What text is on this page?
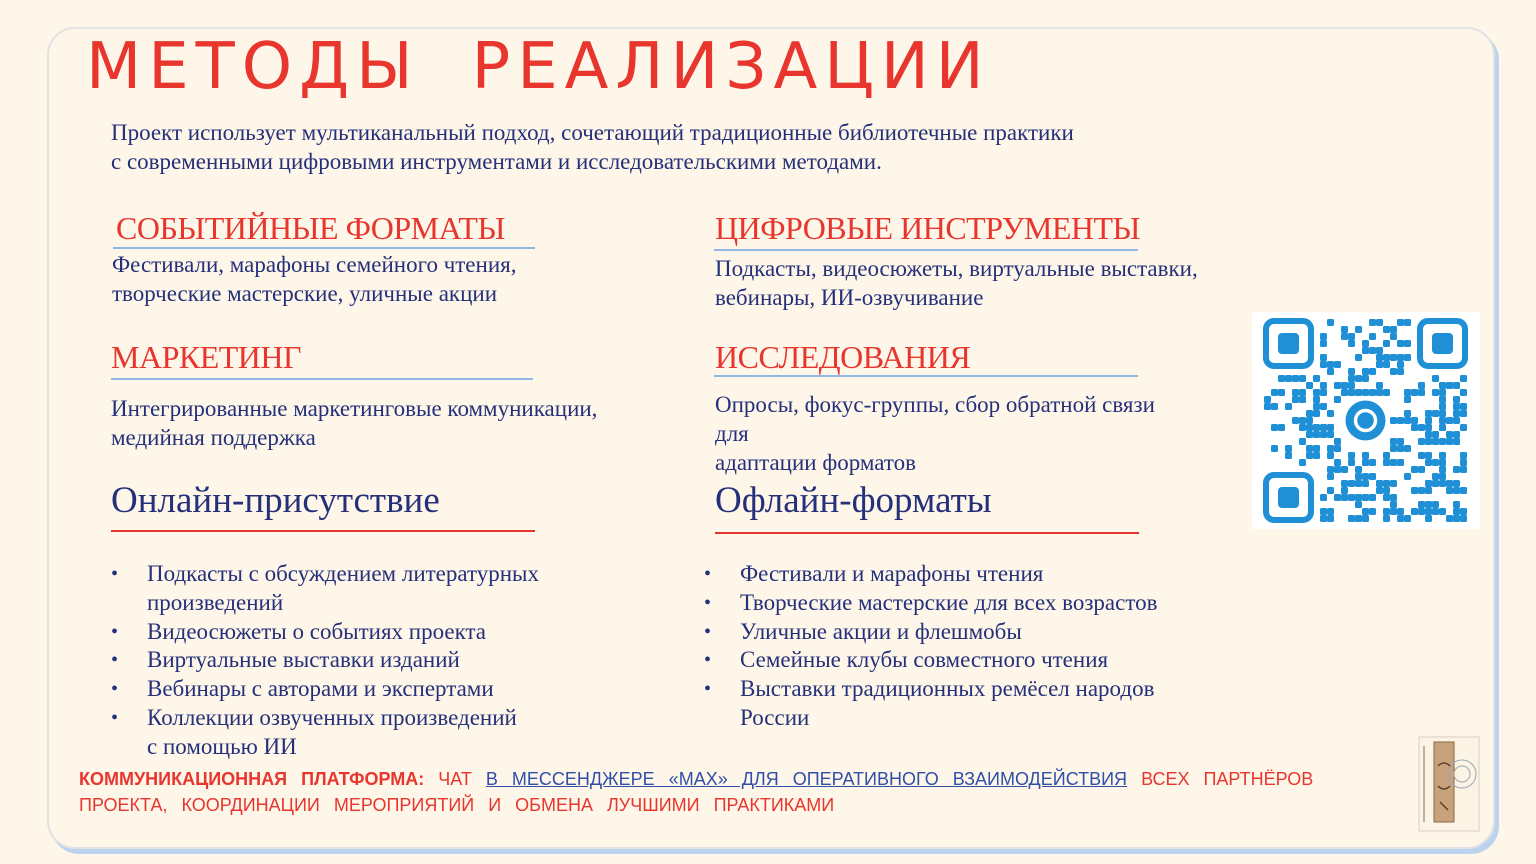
МЕТОДЫ РЕАЛИЗАЦИИ
Проект использует мультиканальный подход, сочетающий традиционные библиотечные практики
с современными цифровыми инструментами и исследовательскими методами.
СОБЫТИЙНЫЕ ФОРМАТЫ
Фестивали, марафоны семейного чтения,
творческие мастерские, уличные акции
ЦИФРОВЫЕ ИНСТРУМЕНТЫ
Подкасты, видеосюжеты, виртуальные выставки,
вебинары, ИИ-озвучивание
МАРКЕТИНГ
Интегрированные маркетинговые коммуникации,
медийная поддержка
ИССЛЕДОВАНИЯ
Опросы, фокус-группы, сбор обратной связи
для
адаптации форматов
Онлайн-присутствие
• Подкасты с обсуждением литературных
произведений
• Видеосюжеты о событиях проекта
• Виртуальные выставки изданий
• Вебинары с авторами и экспертами
• Коллекции озвученных произведений
с помощью ИИ
Офлайн-форматы
• Фестивали и марафоны чтения
• Творческие мастерские для всех возрастов
• Уличные акции и флешмобы
• Семейные клубы совместного чтения
• Выставки традиционных ремёсел народов
России
КОММУНИКАЦИОННАЯ ПЛАТФОРМА: ЧАТ В МЕССЕНДЖЕРЕ «MAX» ДЛЯ ОПЕРАТИВНОГО ВЗАИМОДЕЙСТВИЯ ВСЕХ ПАРТНЁРОВ ПРОЕКТА, КООРДИНАЦИИ МЕРОПРИЯТИЙ И ОБМЕНА ЛУЧШИМИ ПРАКТИКАМИ
